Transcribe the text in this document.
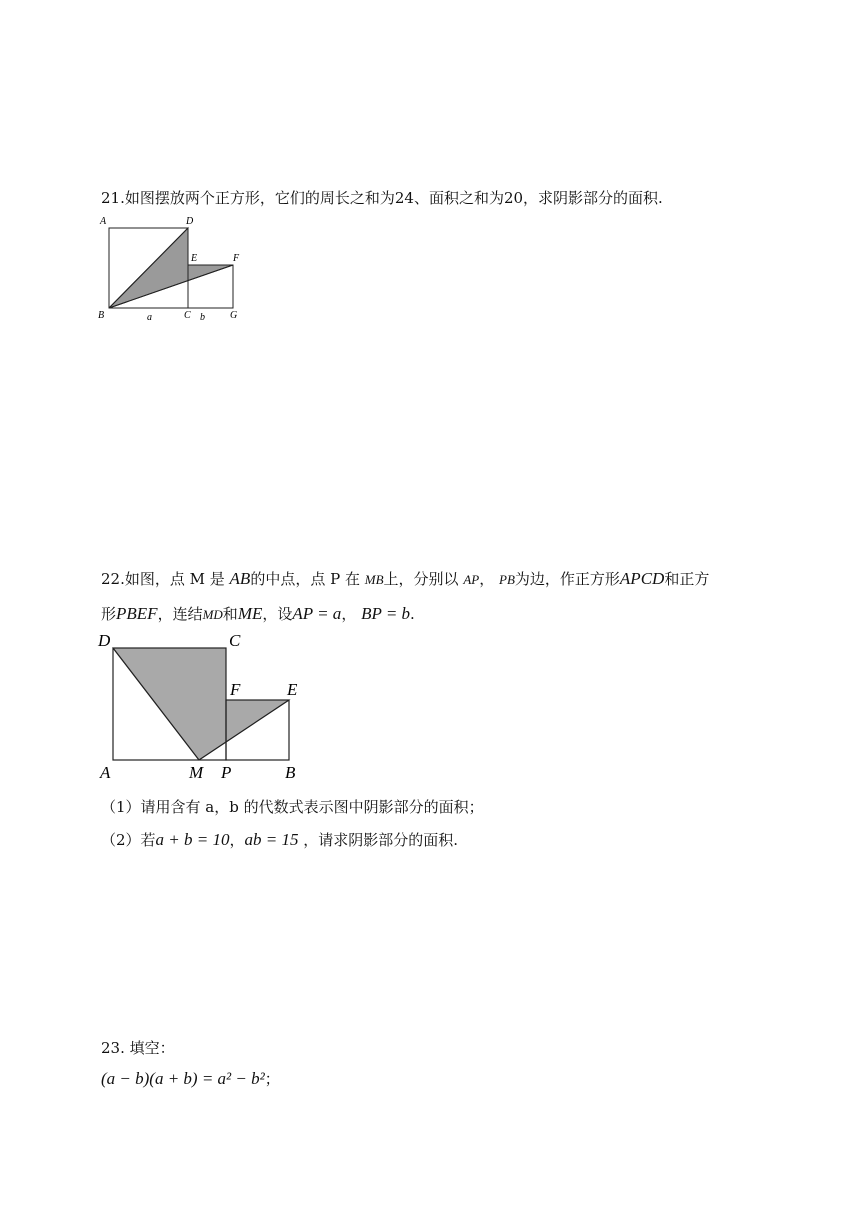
21.如图摆放两个正方形，它们的周长之和为24、面积之和为20，求阴影部分的面积.
A	D
E	F
B	a	C b	G
22.如图，点 M 是 AB的中点，点 P 在 MB上，分别以 AP， PB为边，作正方形APCD和正方
形PBEF，连结MD和ME，设AP = a， BP = b.
D	C
F	E
A	M P	B
（1）请用含有 a，b 的代数式表示图中阴影部分的面积；
（2）若a + b = 10，ab = 15 ，请求阴影部分的面积.
23. 填空：
(a − b)(a + b) = a² − b²；
